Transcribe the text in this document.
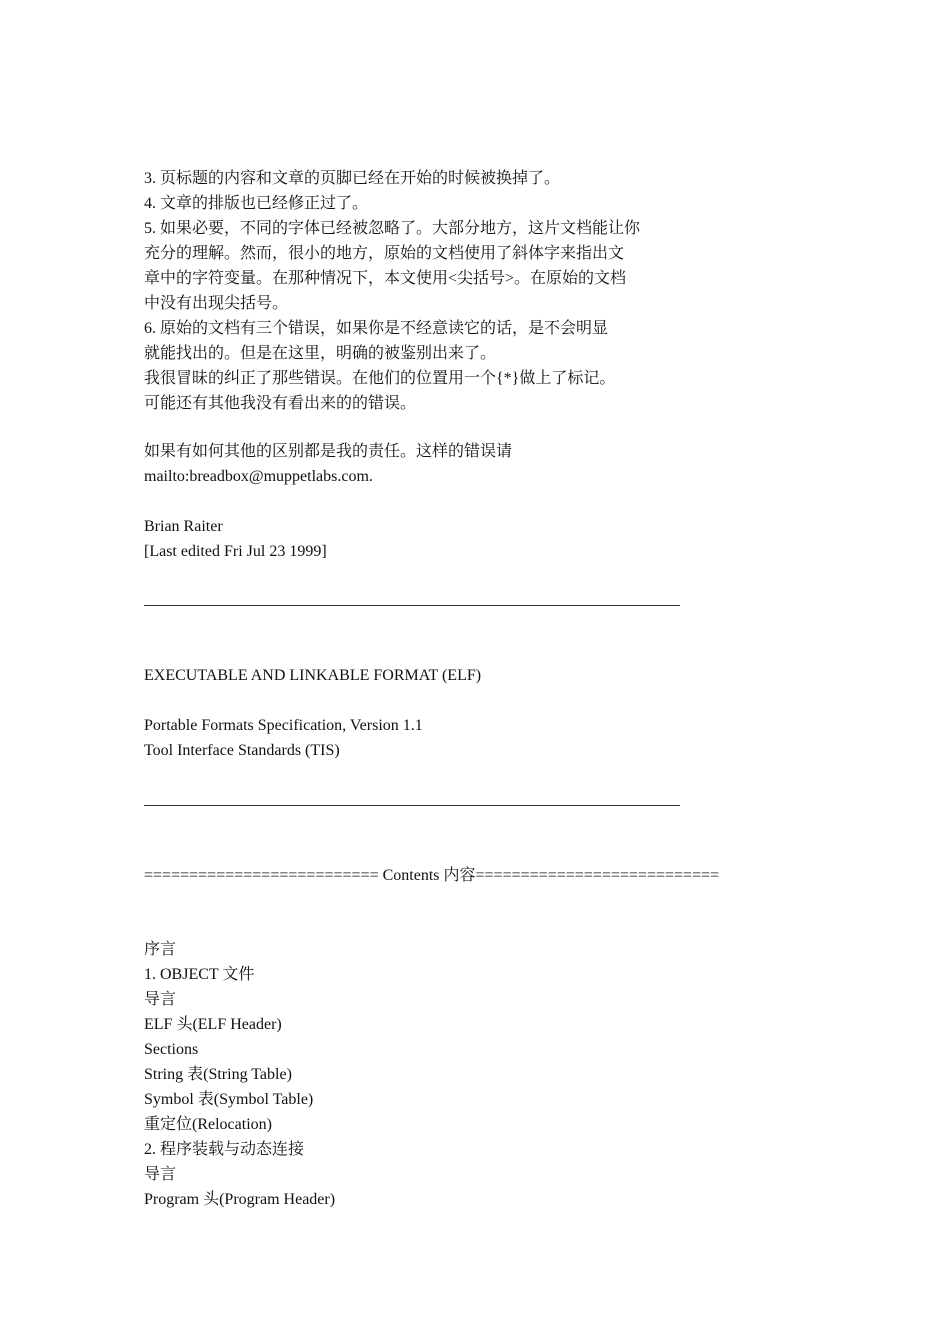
3. 页标题的内容和文章的页脚已经在开始的时候被换掉了。
4. 文章的排版也已经修正过了。
5. 如果必要，不同的字体已经被忽略了。大部分地方，这片文档能让你
充分的理解。然而，很小的地方，原始的文档使用了斜体字来指出文
章中的字符变量。在那种情况下，本文使用<尖括号>。在原始的文档
中没有出现尖括号。
6. 原始的文档有三个错误，如果你是不经意读它的话，是不会明显
就能找出的。但是在这里，明确的被鉴别出来了。
我很冒昧的纠正了那些错误。在他们的位置用一个{*}做上了标记。
可能还有其他我没有看出来的的错误。
如果有如何其他的区别都是我的责任。这样的错误请
mailto:breadbox@muppetlabs.com.
Brian Raiter
[Last edited Fri Jul 23 1999]
EXECUTABLE AND LINKABLE FORMAT (ELF)
Portable Formats Specification, Version 1.1
Tool Interface Standards (TIS)
========================== Contents 内容===========================
序言
1. OBJECT 文件
导言
ELF 头(ELF Header)
Sections
String 表(String Table)
Symbol 表(Symbol Table)
重定位(Relocation)
2. 程序装载与动态连接
导言
Program 头(Program Header)
